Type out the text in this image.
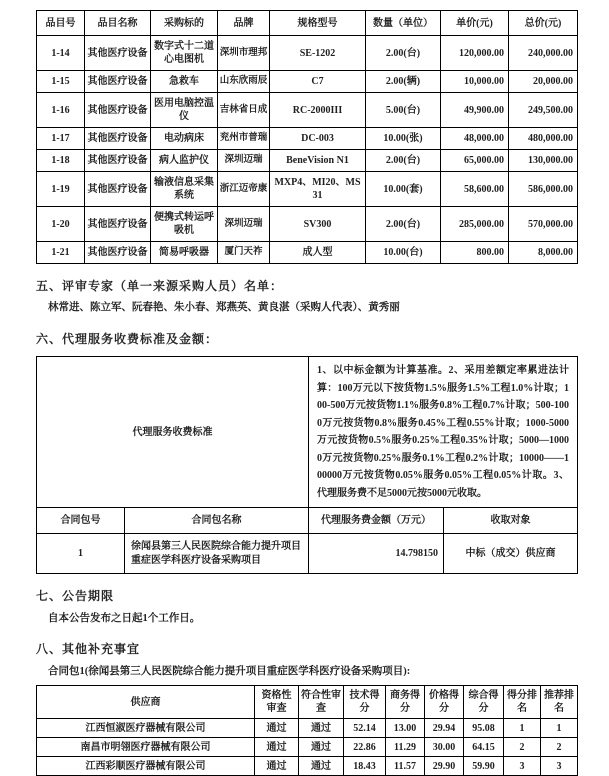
品目号	品目名称	采购标的	品牌	规格型号	数量（单位）	单价(元)	总价(元)
1-14	其他医疗设备	数字式十二道心电图机	深圳市理邦	SE-1202	2.00(台)	120,000.00	240,000.00
1-15	其他医疗设备	急救车	山东欣雨辰	C7	2.00(辆)	10,000.00	20,000.00
1-16	其他医疗设备	医用电脑控温仪	吉林省日成	RC-2000III	5.00(台)	49,900.00	249,500.00
1-17	其他医疗设备	电动病床	兖州市普瑞	DC-003	10.00(张)	48,000.00	480,000.00
1-18	其他医疗设备	病人监护仪	深圳迈瑞	BeneVision N1	2.00(台)	65,000.00	130,000.00
1-19	其他医疗设备	输液信息采集系统	浙江迈帝康	MXP4、MI20、MS31	10.00(套)	58,600.00	586,000.00
1-20	其他医疗设备	便携式转运呼吸机	深圳迈瑞	SV300	2.00(台)	285,000.00	570,000.00
1-21	其他医疗设备	简易呼吸器	厦门天祚	成人型	10.00(台)	800.00	8,000.00
五、评审专家（单一来源采购人员）名单：
林常进、陈立军、阮春艳、朱小春、郑燕英、黄良湛（采购人代表）、黄秀丽
六、代理服务收费标准及金额：
代理服务收费标准		1、以中标金额为计算基准。2、采用差额定率累进法计算：100万元以下按货物1.5%服务1.5%工程1.0%计取；100-500万元按货物1.1%服务0.8%工程0.7%计取；500-1000万元按货物0.8%服务0.45%工程0.55%计取；1000-5000万元按货物0.5%服务0.25%工程0.35%计取；5000—10000万元按货物0.25%服务0.1%工程0.2%计取；10000——100000万元按货物0.05%服务0.05%工程0.05%计取。3、代理服务费不足5000元按5000元收取。	
合同包号	合同包名称	代理服务费金额（万元）	收取对象
1	徐闻县第三人民医院综合能力提升项目重症医学科医疗设备采购项目	14.798150	中标（成交）供应商
七、公告期限
自本公告发布之日起1个工作日。
八、其他补充事宜
合同包1(徐闻县第三人民医院综合能力提升项目重症医学科医疗设备采购项目):
供应商	资格性审查	符合性审查	技术得分	商务得分	价格得分	综合得分	得分排名	推荐排名
江西恒淑医疗器械有限公司	通过	通过	52.14	13.00	29.94	95.08	1	1
南昌市明翎医疗器械有限公司	通过	通过	22.86	11.29	30.00	64.15	2	2
江西彩顺医疗器械有限公司	通过	通过	18.43	11.57	29.90	59.90	3	3
